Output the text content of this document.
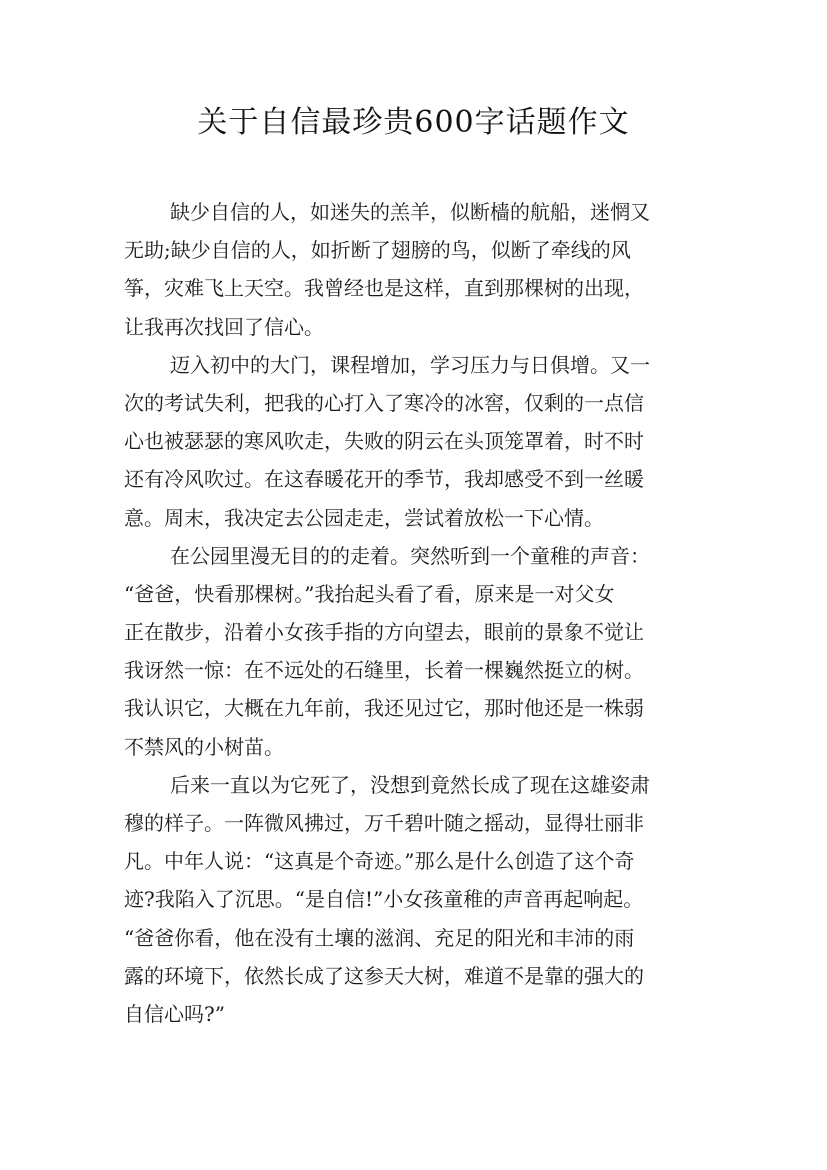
关于自信最珍贵600字话题作文
缺少自信的人，如迷失的羔羊，似断樯的航船，迷惘又
无助;缺少自信的人，如折断了翅膀的鸟，似断了牵线的风
筝，灾难飞上天空。我曾经也是这样，直到那棵树的出现，
让我再次找回了信心。
迈入初中的大门，课程增加，学习压力与日俱增。又一
次的考试失利，把我的心打入了寒冷的冰窖，仅剩的一点信
心也被瑟瑟的寒风吹走，失败的阴云在头顶笼罩着，时不时
还有冷风吹过。在这春暖花开的季节，我却感受不到一丝暖
意。周末，我决定去公园走走，尝试着放松一下心情。
在公园里漫无目的的走着。突然听到一个童稚的声音：
“爸爸，快看那棵树。”我抬起头看了看，原来是一对父女
正在散步，沿着小女孩手指的方向望去，眼前的景象不觉让
我讶然一惊：在不远处的石缝里，长着一棵巍然挺立的树。
我认识它，大概在九年前，我还见过它，那时他还是一株弱
不禁风的小树苗。
后来一直以为它死了，没想到竟然长成了现在这雄姿肃
穆的样子。一阵微风拂过，万千碧叶随之摇动，显得壮丽非
凡。中年人说：“这真是个奇迹。”那么是什么创造了这个奇
迹?我陷入了沉思。“是自信!”小女孩童稚的声音再起响起。
“爸爸你看，他在没有土壤的滋润、充足的阳光和丰沛的雨
露的环境下，依然长成了这参天大树，难道不是靠的强大的
自信心吗?”
